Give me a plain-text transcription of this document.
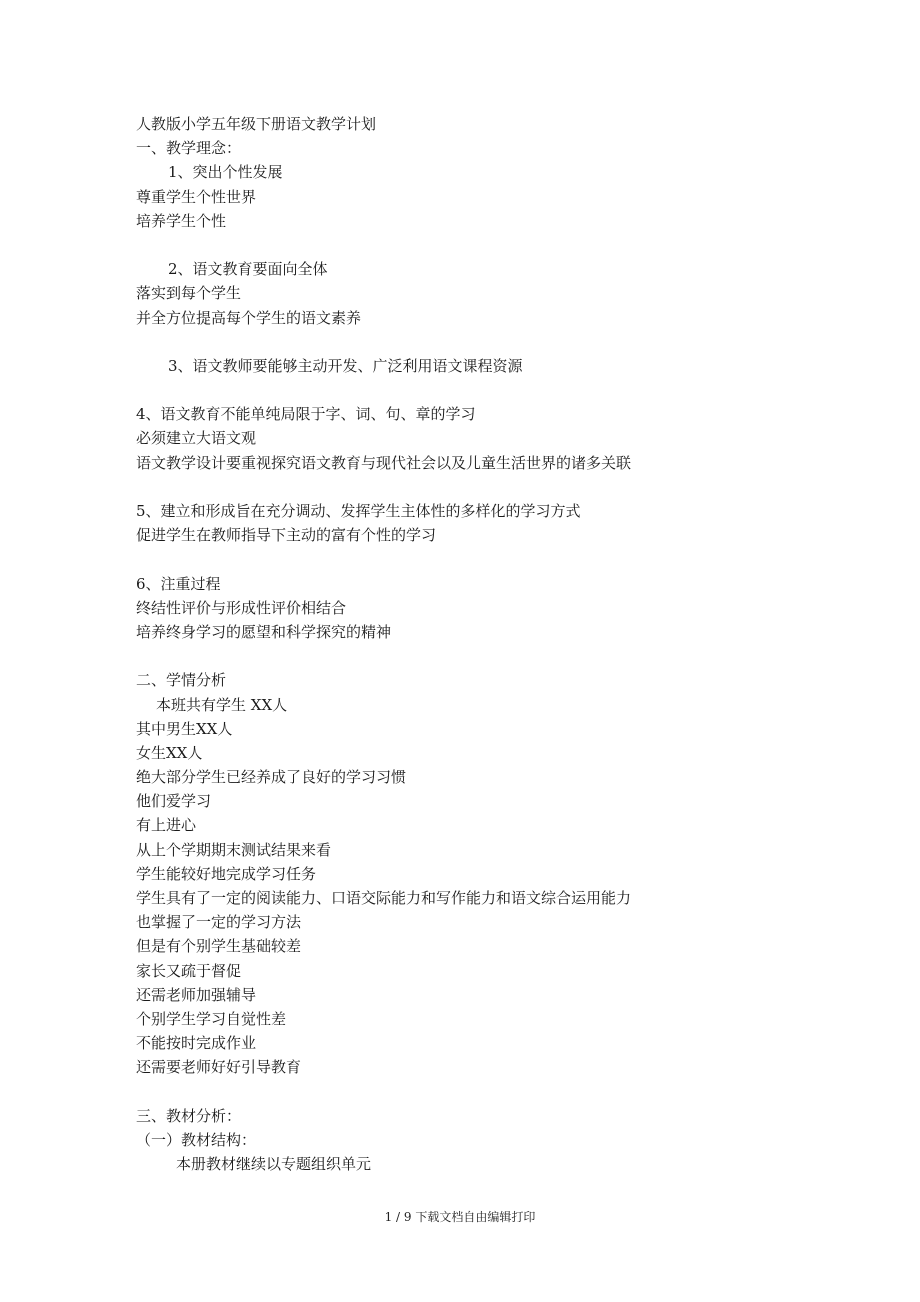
人教版小学五年级下册语文教学计划
一、教学理念：
1、突出个性发展
尊重学生个性世界
培养学生个性
2、语文教育要面向全体
落实到每个学生
并全方位提高每个学生的语文素养
3、语文教师要能够主动开发、广泛利用语文课程资源
4、语文教育不能单纯局限于字、词、句、章的学习
必须建立大语文观
语文教学设计要重视探究语文教育与现代社会以及儿童生活世界的诸多关联
5、建立和形成旨在充分调动、发挥学生主体性的多样化的学习方式
促进学生在教师指导下主动的富有个性的学习
6、注重过程
终结性评价与形成性评价相结合
培养终身学习的愿望和科学探究的精神
二、学情分析
本班共有学生 XX人
其中男生XX人
女生XX人
绝大部分学生已经养成了良好的学习习惯
他们爱学习
有上进心
从上个学期期末测试结果来看
学生能较好地完成学习任务
学生具有了一定的阅读能力、口语交际能力和写作能力和语文综合运用能力
也掌握了一定的学习方法
但是有个别学生基础较差
家长又疏于督促
还需老师加强辅导
个别学生学习自觉性差
不能按时完成作业
还需要老师好好引导教育
三、教材分析：
（一）教材结构：
本册教材继续以专题组织单元
1 / 9 下载文档自由编辑打印
